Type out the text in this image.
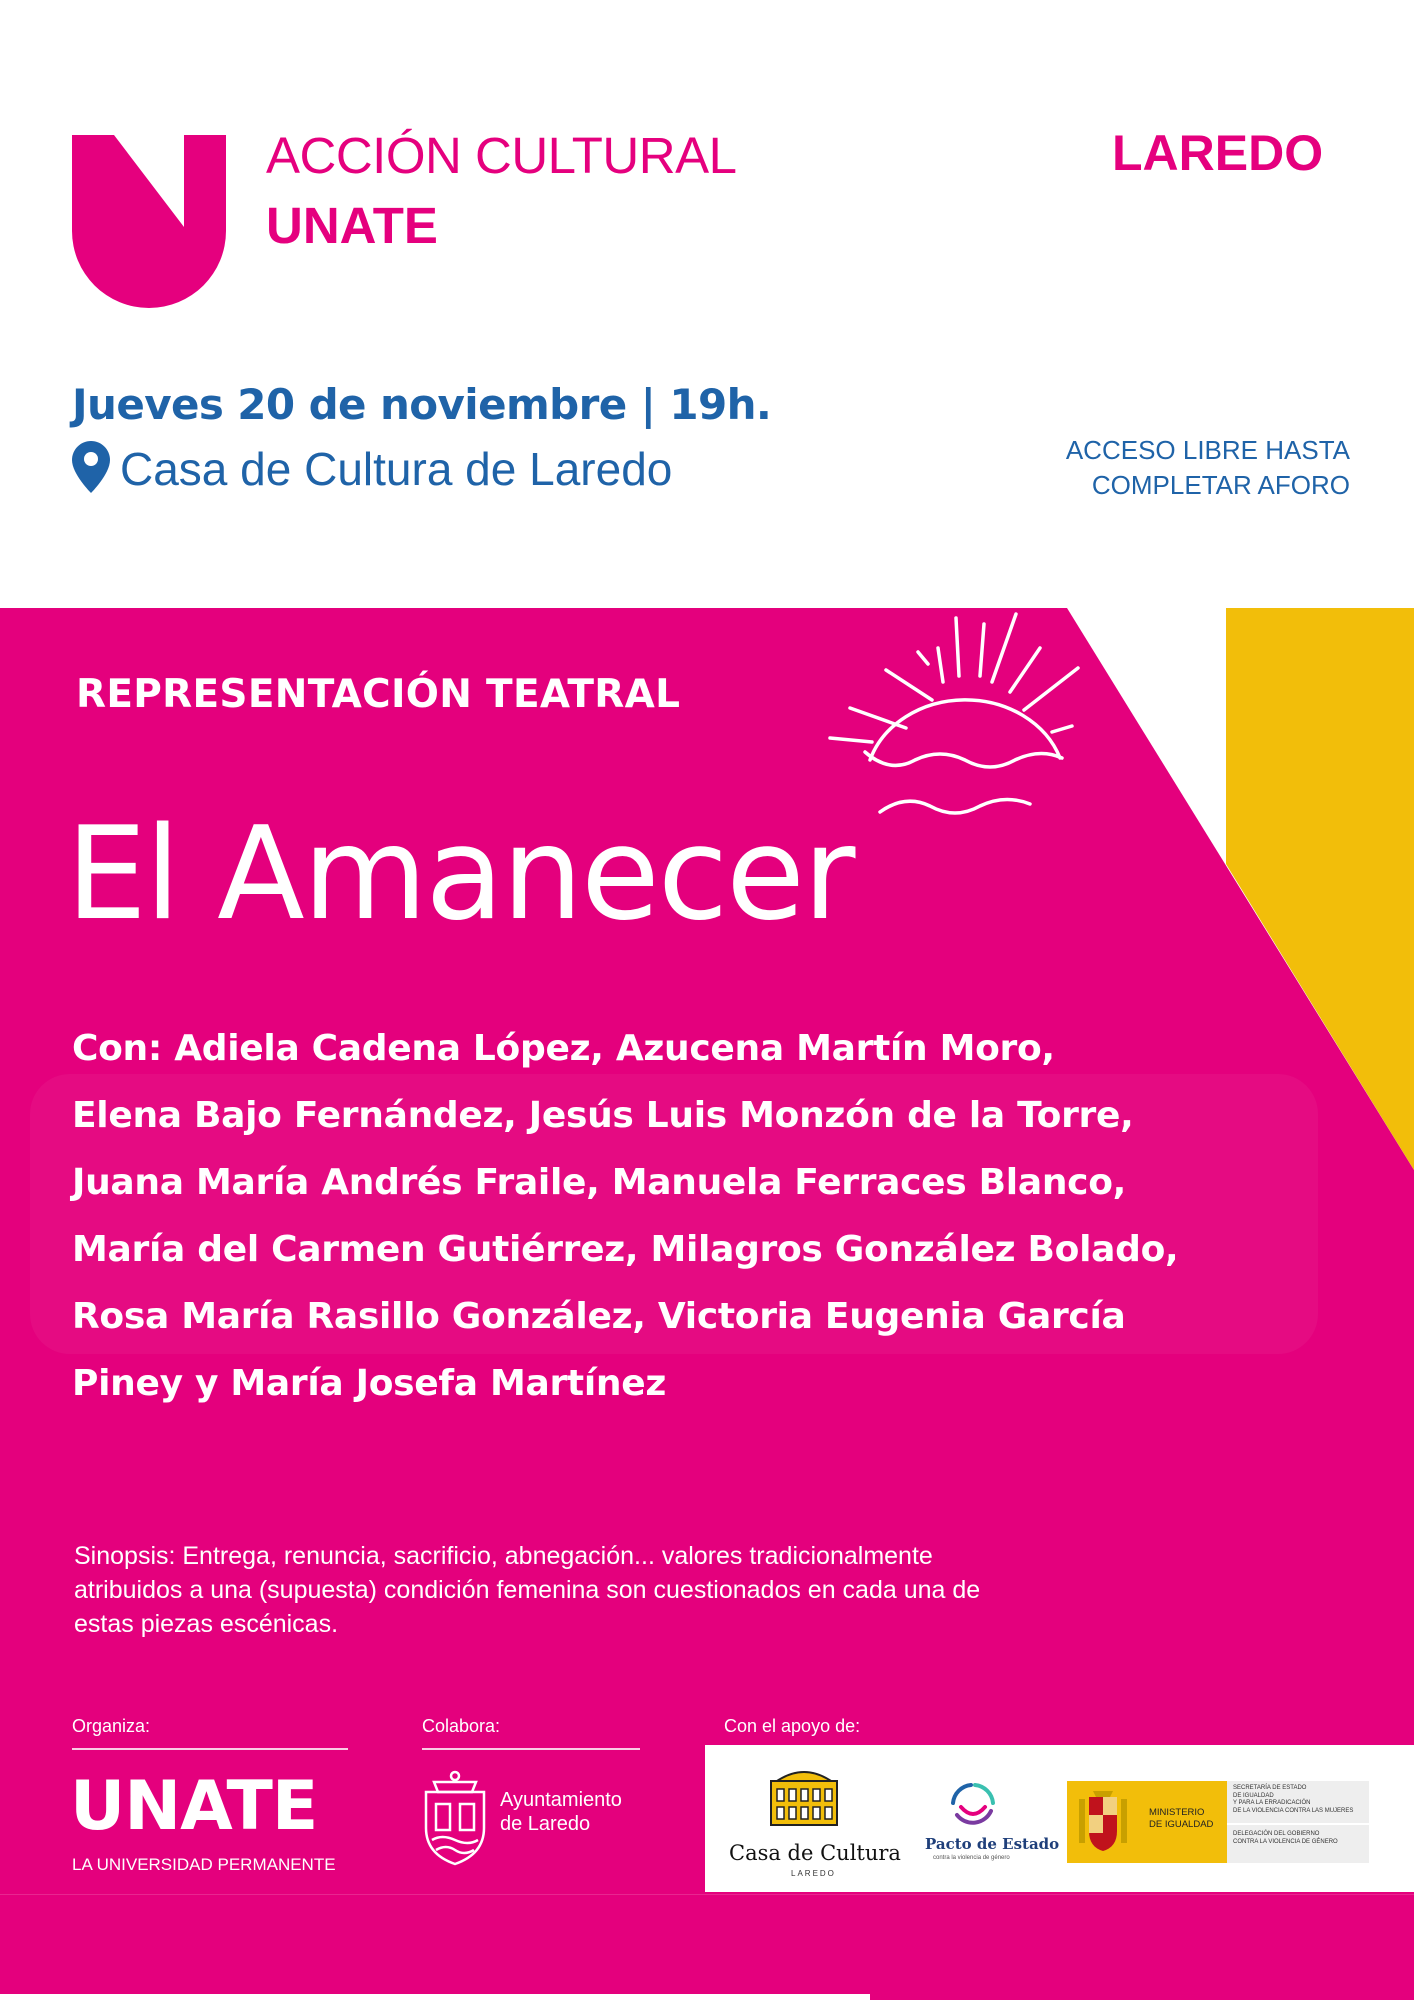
ACCIÓN CULTURAL
UNATE
LAREDO
Jueves 20 de noviembre | 19h.
Casa de Cultura de Laredo	ACCESO LIBRE HASTA
COMPLETAR AFORO
REPRESENTACIÓN TEATRAL
El Amanecer
Con: Adiela Cadena López, Azucena Martín Moro,
Elena Bajo Fernández, Jesús Luis Monzón de la Torre,
Juana María Andrés Fraile, Manuela Ferraces Blanco,
María del Carmen Gutiérrez, Milagros González Bolado,
Rosa María Rasillo González, Victoria Eugenia García
Piney y María Josefa Martínez
Sinopsis: Entrega, renuncia, sacrificio, abnegación... valores tradicionalmente
atribuidos a una (supuesta) condición femenina son cuestionados en cada una de
estas piezas escénicas.
Organiza:	Colabora:	Con el apoyo de:
UNATE
LA UNIVERSIDAD PERMANENTE
Ayuntamiento
de Laredo
Casa de Cultura
LAREDO
Pacto de Estado
contra la violencia de género
MINISTERIO
DE IGUALDAD
SECRETARÍA DE ESTADO
DE IGUALDAD
Y PARA LA ERRADICACIÓN
DE LA VIOLENCIA CONTRA LAS MUJERES
DELEGACIÓN DEL GOBIERNO
CONTRA LA VIOLENCIA DE GÉNERO
